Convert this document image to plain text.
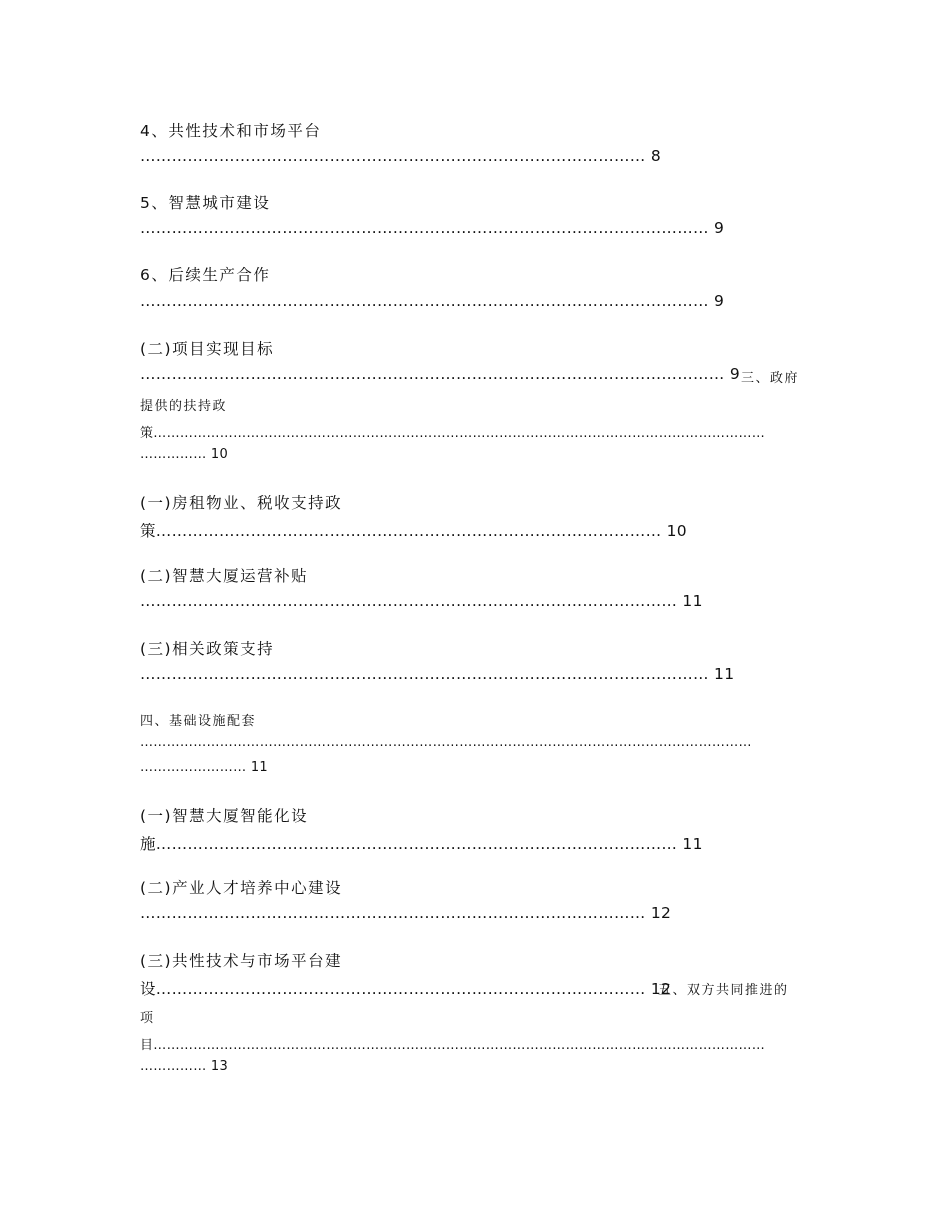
4、共性技术和市场平台
…………………………………………………………………………………… 8
5、智慧城市建设
……………………………………………………………………………………………… 9
6、后续生产合作
……………………………………………………………………………………………… 9
(二)项目实现目标
………………………………………………………………………………………………… 9 三、政府
提供的扶持政
策…………………………………………………………………………………………………………………………
…………… 10
(一)房租物业、税收支持政
策…………………………………………………………………………………… 10
(二)智慧大厦运营补贴
………………………………………………………………………………………… 11
(三)相关政策支持
……………………………………………………………………………………………… 11
四、基础设施配套
…………………………………………………………………………………………………………………………
…………………… 11
(一)智慧大厦智能化设
施……………………………………………………………………………………… 11
(二)产业人才培养中心建设
…………………………………………………………………………………… 12
(三)共性技术与市场平台建
设………………………………………………………………………………… 12
五、双方共同推进的
项
目…………………………………………………………………………………………………………………………
…………… 13
